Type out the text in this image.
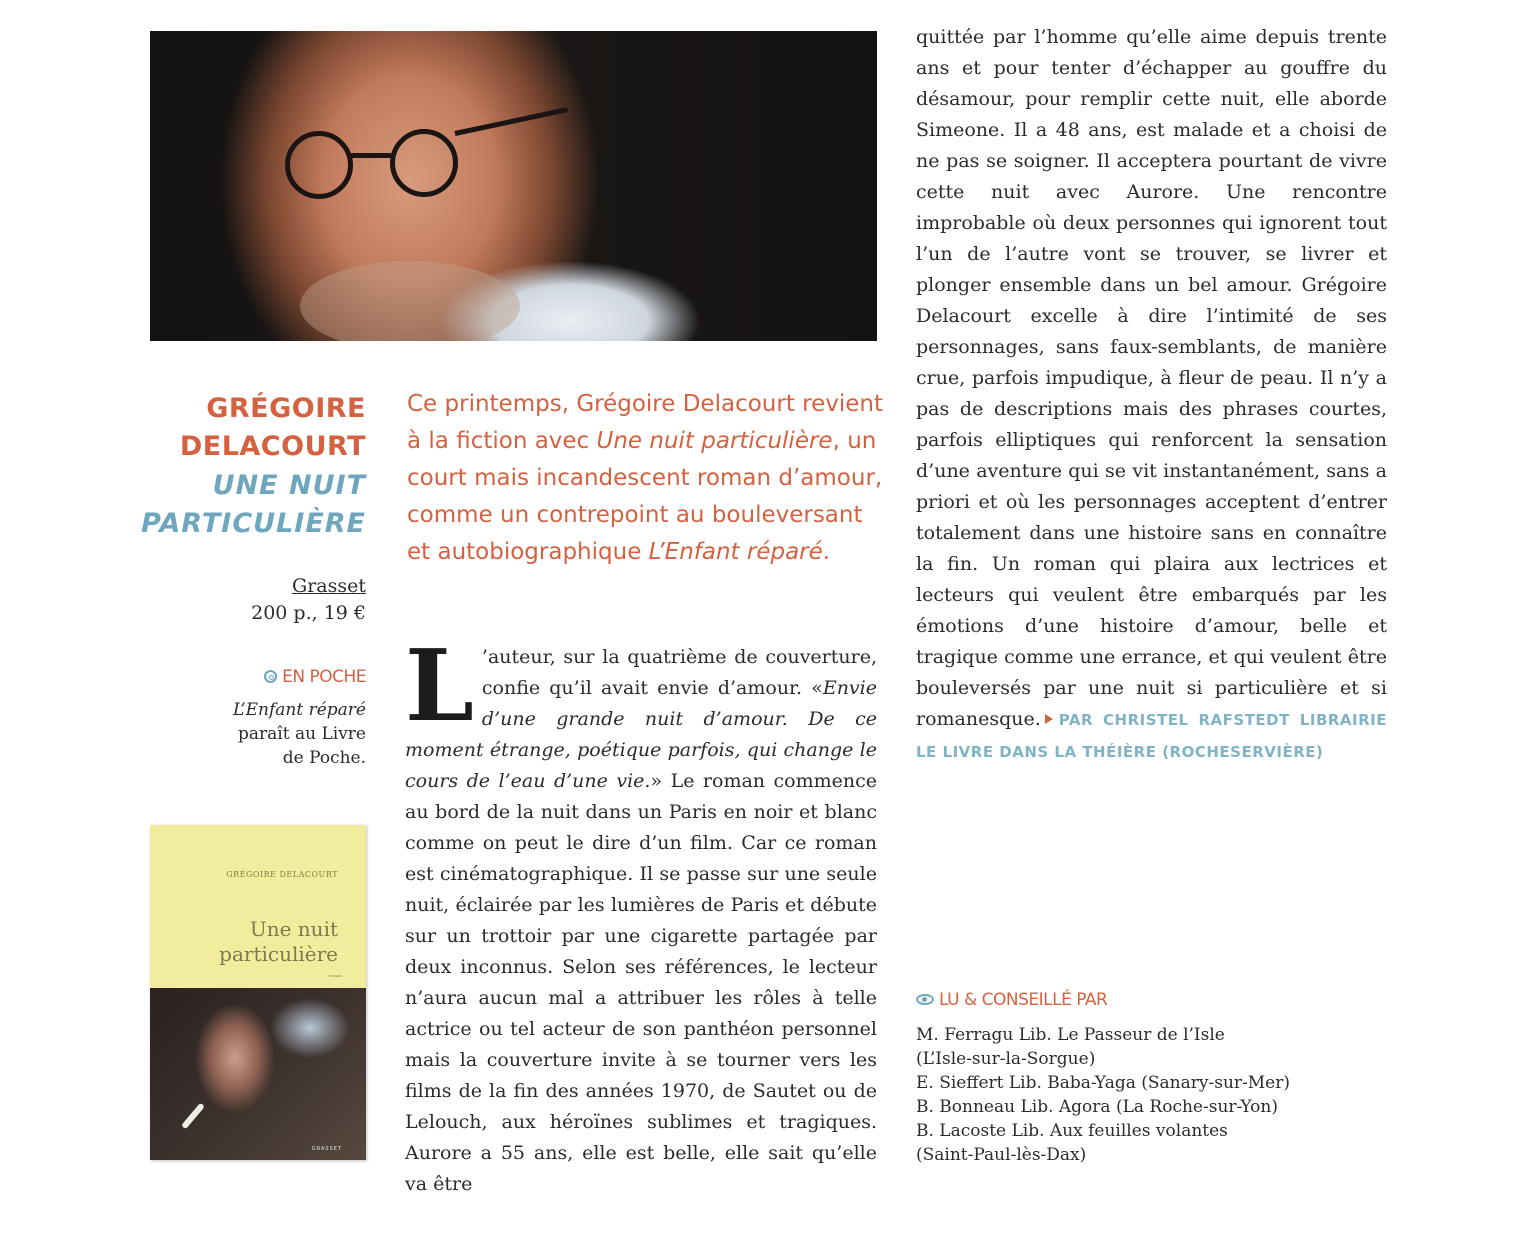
GRÉGOIRE
DELACOURT
UNE NUIT
PARTICULIÈRE
Grasset
200 p., 19 €
EN POCHE
L’Enfant réparé
paraît au Livre
de Poche.
GRÉGOIRE DELACOURT
Une nuit
particulière
roman
GRASSET
Ce printemps, Grégoire Delacourt revient à la fiction avec Une nuit particulière, un court mais incandescent roman d’amour, comme un contrepoint au bouleversant et autobiographique L’Enfant réparé.
L ’auteur, sur la quatrième de couverture, confie qu’il avait envie d’amour. «Envie d’une grande nuit d’amour. De ce moment étrange, poétique parfois, qui change le cours de l’eau d’une vie.» Le roman commence au bord de la nuit dans un Paris en noir et blanc comme on peut le dire d’un film. Car ce roman est cinématographique. Il se passe sur une seule nuit, éclairée par les lumières de Paris et débute sur un trottoir par une cigarette partagée par deux inconnus. Selon ses références, le lecteur n’aura aucun mal a attribuer les rôles à telle actrice ou tel acteur de son panthéon personnel mais la couverture invite à se tourner vers les films de la fin des années 1970, de Sautet ou de Lelouch, aux héroïnes sublimes et tragiques. Aurore a 55 ans, elle est belle, elle sait qu’elle va être
quittée par l’homme qu’elle aime depuis trente ans et pour tenter d’échapper au gouffre du désamour, pour remplir cette nuit, elle aborde Simeone. Il a 48 ans, est malade et a choisi de ne pas se soigner. Il acceptera pourtant de vivre cette nuit avec Aurore. Une rencontre improbable où deux personnes qui ignorent tout l’un de l’autre vont se trouver, se livrer et plonger ensemble dans un bel amour. Grégoire Delacourt excelle à dire l’intimité de ses personnages, sans faux-semblants, de manière crue, parfois impudique, à fleur de peau. Il n’y a pas de descriptions mais des phrases courtes, parfois elliptiques qui renforcent la sensation d’une aventure qui se vit instantanément, sans a priori et où les personnages acceptent d’entrer totalement dans une histoire sans en connaître la fin. Un roman qui plaira aux lectrices et lecteurs qui veulent être embarqués par les émotions d’une histoire d’amour, belle et tragique comme une errance, et qui veulent être bouleversés par une nuit si particulière et si romanesque. PAR CHRISTEL RAFSTEDT LIBRAIRIE LE LIVRE DANS LA THÉIÈRE (ROCHESERVIÈRE)
LU & CONSEILLÉ PAR
M. Ferragu Lib. Le Passeur de l’Isle
(L’Isle-sur-la-Sorgue)
E. Sieffert Lib. Baba-Yaga (Sanary-sur-Mer)
B. Bonneau Lib. Agora (La Roche-sur-Yon)
B. Lacoste Lib. Aux feuilles volantes
(Saint-Paul-lès-Dax)
